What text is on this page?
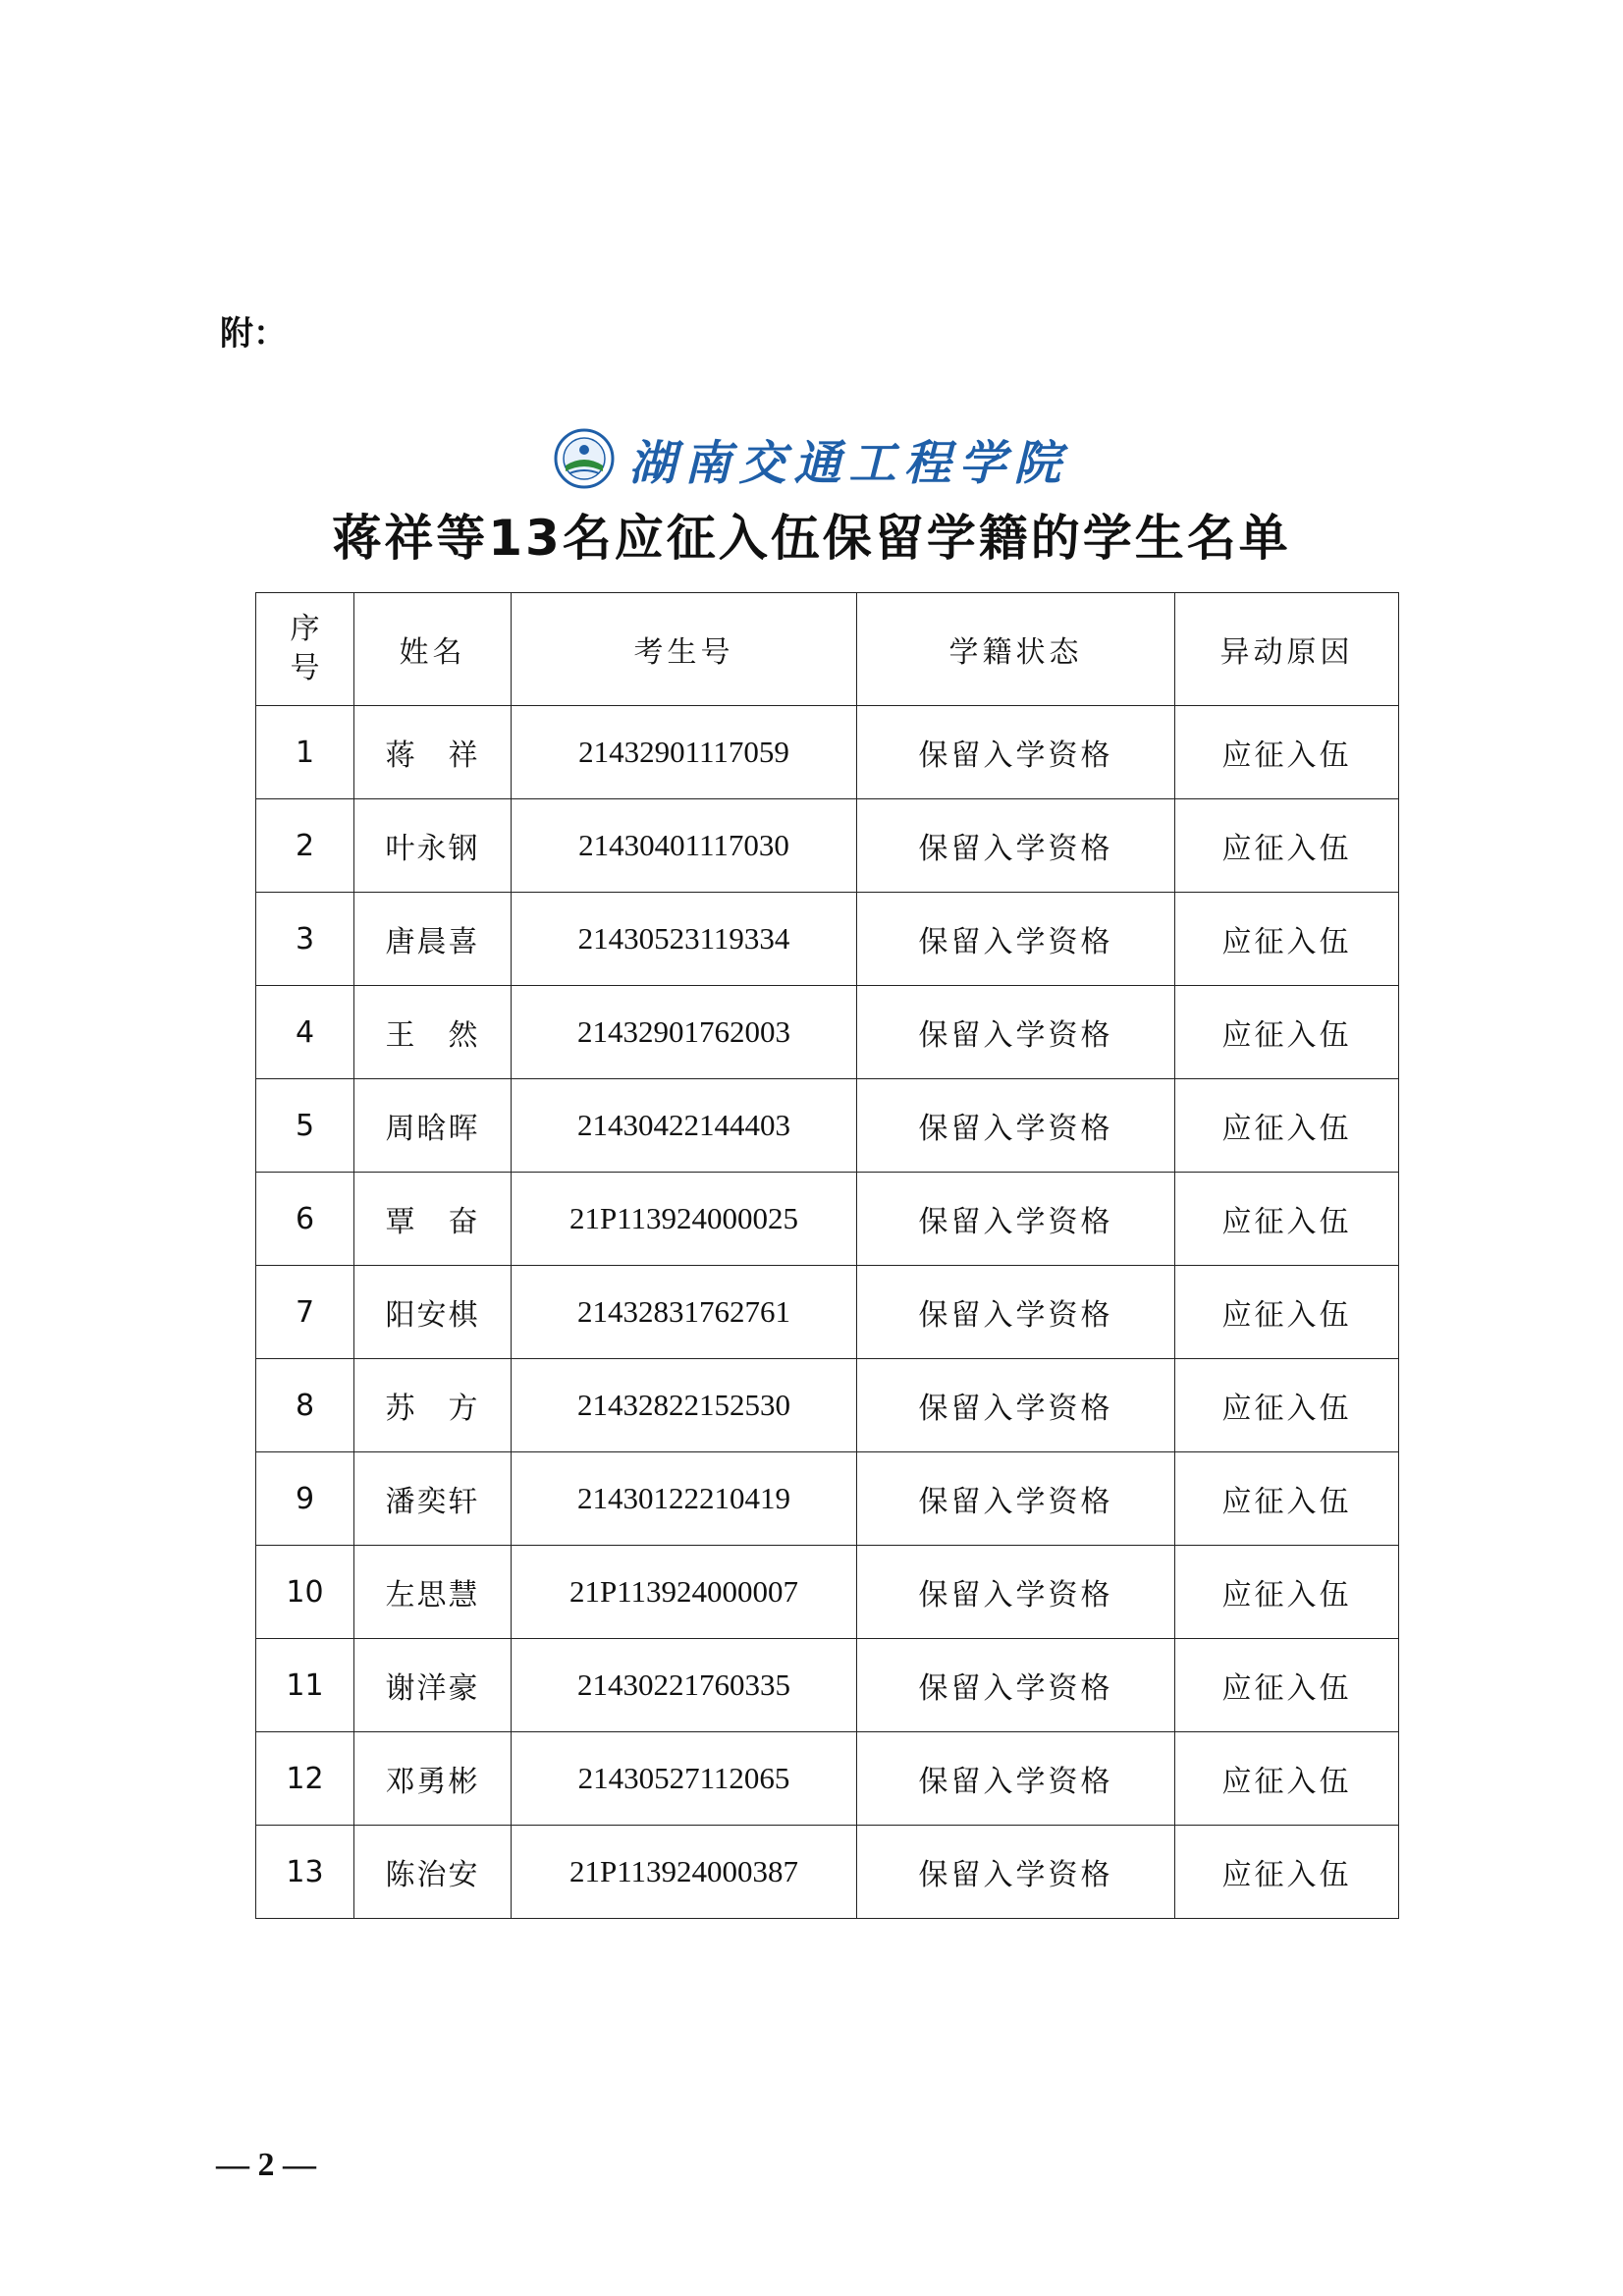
附：
湖南交通工程学院
蒋祥等13名应征入伍保留学籍的学生名单
序号	姓名	考生号	学籍状态	异动原因
1	蒋　祥	21432901117059	保留入学资格	应征入伍
2	叶永钢	21430401117030	保留入学资格	应征入伍
3	唐晨喜	21430523119334	保留入学资格	应征入伍
4	王　然	21432901762003	保留入学资格	应征入伍
5	周晗晖	21430422144403	保留入学资格	应征入伍
6	覃　奋	21P113924000025	保留入学资格	应征入伍
7	阳安棋	21432831762761	保留入学资格	应征入伍
8	苏　方	21432822152530	保留入学资格	应征入伍
9	潘奕轩	21430122210419	保留入学资格	应征入伍
10	左思慧	21P113924000007	保留入学资格	应征入伍
11	谢洋豪	21430221760335	保留入学资格	应征入伍
12	邓勇彬	21430527112065	保留入学资格	应征入伍
13	陈治安	21P113924000387	保留入学资格	应征入伍
— 2 —
